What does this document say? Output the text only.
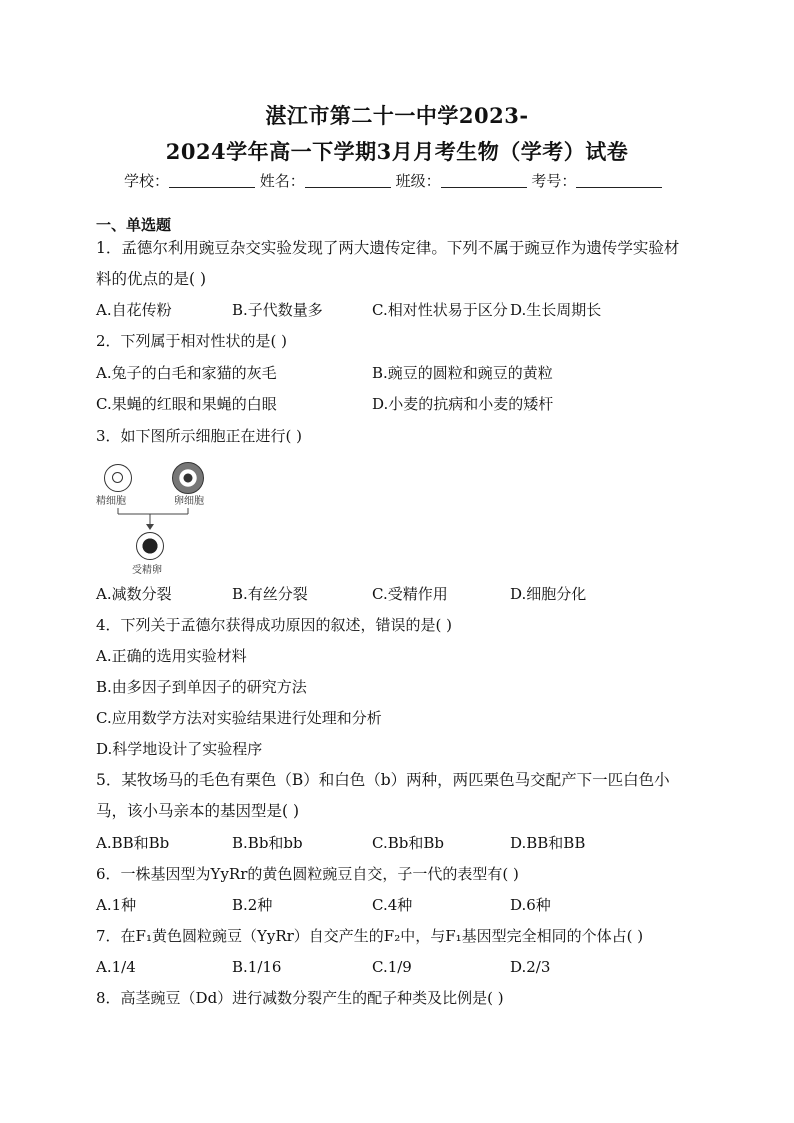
湛江市第二十一中学2023-
2024学年高一下学期3月月考生物（学考）试卷
学校：	姓名：	班级：	考号：
一、单选题
1．孟德尔利用豌豆杂交实验发现了两大遗传定律。下列不属于豌豆作为遗传学实验材
料的优点的是( )
A.自花传粉	B.子代数量多	C.相对性状易于区分 D.生长周期长
2．下列属于相对性状的是( )
A.兔子的白毛和家猫的灰毛	B.豌豆的圆粒和豌豆的黄粒
C.果蝇的红眼和果蝇的白眼	D.小麦的抗病和小麦的矮杆
3．如下图所示细胞正在进行( )
精细胞	卵细胞
受精卵
A.减数分裂	B.有丝分裂	C.受精作用	D.细胞分化
4．下列关于孟德尔获得成功原因的叙述，错误的是( )
A.正确的选用实验材料
B.由多因子到单因子的研究方法
C.应用数学方法对实验结果进行处理和分析
D.科学地设计了实验程序
5．某牧场马的毛色有栗色（B）和白色（b）两种，两匹栗色马交配产下一匹白色小
马，该小马亲本的基因型是( )
A.BB和Bb	B.Bb和bb	C.Bb和Bb	D.BB和BB
6．一株基因型为YyRr的黄色圆粒豌豆自交，子一代的表型有( )
A.1种	B.2种	C.4种	D.6种
7．在F₁黄色圆粒豌豆（YyRr）自交产生的F₂中，与F₁基因型完全相同的个体占( )
A.1/4	B.1/16	C.1/9	D.2/3
8．高茎豌豆（Dd）进行减数分裂产生的配子种类及比例是( )
